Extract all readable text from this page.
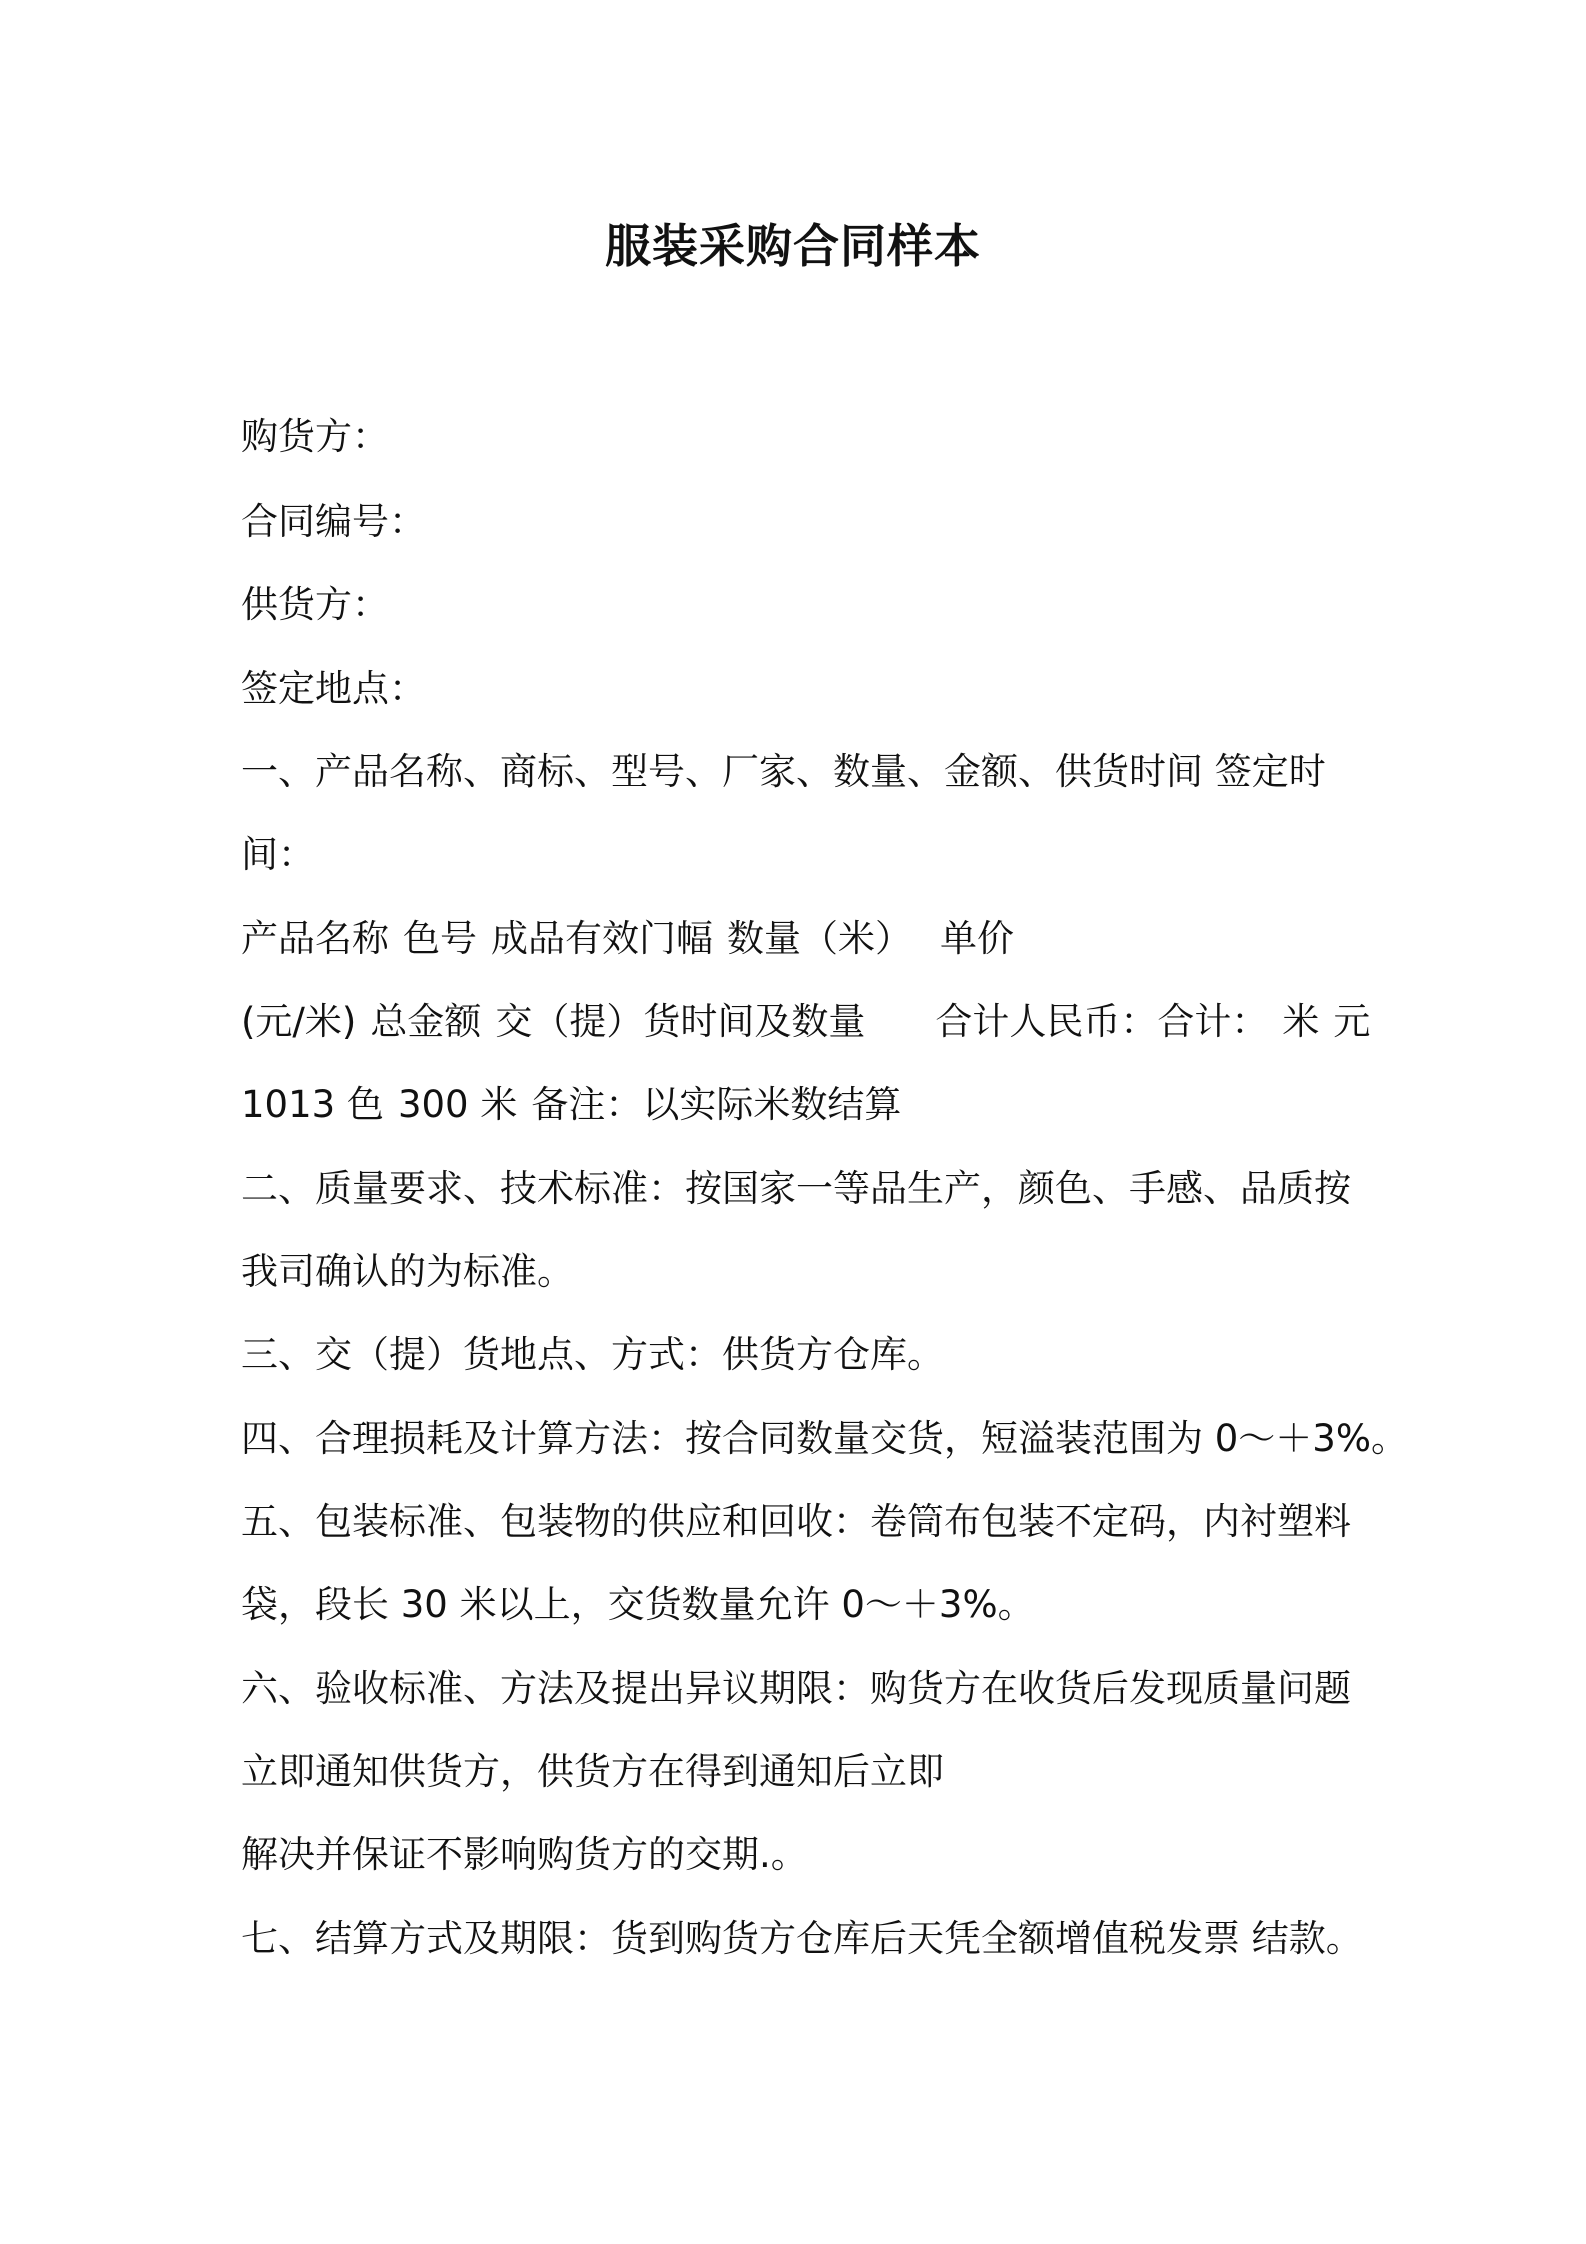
服装采购合同样本
购货方：
合同编号：
供货方：
签定地点：
一、产品名称、商标、型号、厂家、数量、金额、供货时间 签定时
间：
产品名称 色号 成品有效门幅 数量（米） 单价
(元/米) 总金额 交（提）货时间及数量 合计人民币：合计： 米 元
1013 色 300 米 备注：以实际米数结算
二、质量要求、技术标准：按国家一等品生产，颜色、手感、品质按
我司确认的为标准。
三、交（提）货地点、方式：供货方仓库。
四、合理损耗及计算方法：按合同数量交货，短溢装范围为 0～＋3%。
五、包装标准、包装物的供应和回收：卷筒布包装不定码，内衬塑料
袋，段长 30 米以上，交货数量允许 0～＋3%。
六、验收标准、方法及提出异议期限：购货方在收货后发现质量问题
立即通知供货方，供货方在得到通知后立即
解决并保证不影响购货方的交期.。
七、结算方式及期限：货到购货方仓库后天凭全额增值税发票 结款。
